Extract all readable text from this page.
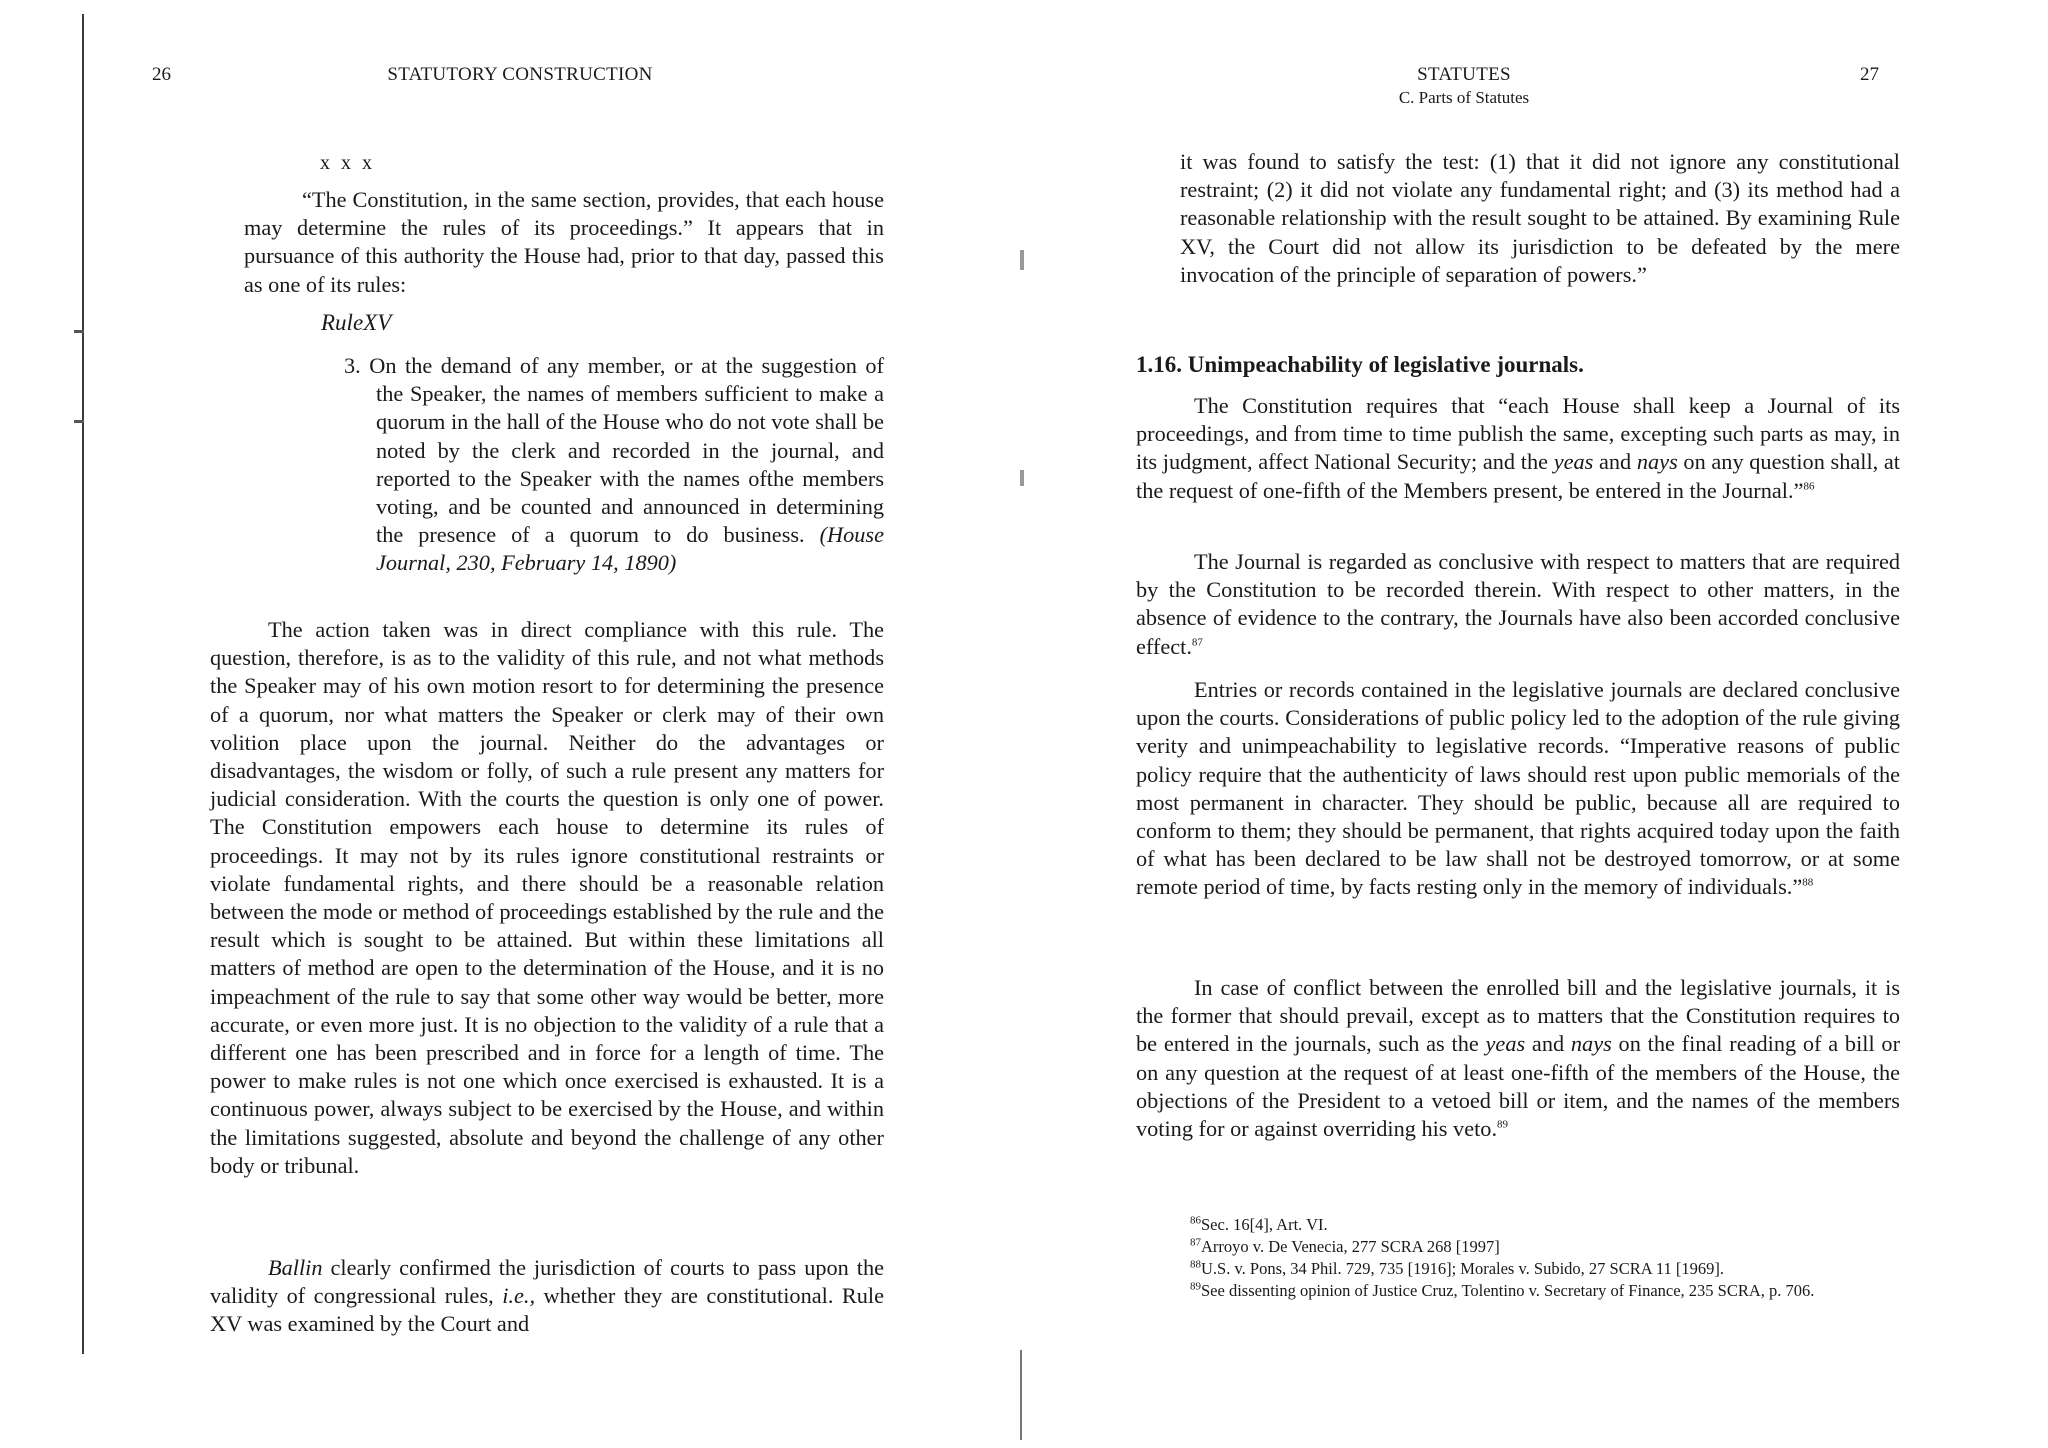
26	STATUTORY CONSTRUCTION
x x x

“The Constitution, in the same section, provides, that each house may determine the rules of its proceedings.” It appears that in pursuance of this authority the House had, prior to that day, passed this as one of its rules:

RuleXV

3. On the demand of any member, or at the suggestion of the Speaker, the names of members sufficient to make a quorum in the hall of the House who do not vote shall be noted by the clerk and recorded in the journal, and reported to the Speaker with the names ofthe members voting, and be counted and announced in determining the presence of a quorum to do business. (House Journal, 230, February 14, 1890)

The action taken was in direct compliance with this rule. The question, therefore, is as to the validity of this rule, and not what methods the Speaker may of his own motion resort to for determining the presence of a quorum, nor what matters the Speaker or clerk may of their own volition place upon the journal. Neither do the advantages or disadvantages, the wisdom or folly, of such a rule present any matters for judicial consideration. With the courts the question is only one of power. The Constitution empowers each house to determine its rules of proceedings. It may not by its rules ignore constitutional restraints or violate fundamental rights, and there should be a reasonable relation between the mode or method of proceedings established by the rule and the result which is sought to be attained. But within these limitations all matters of method are open to the determination of the House, and it is no impeachment of the rule to say that some other way would be better, more accurate, or even more just. It is no objection to the validity of a rule that a different one has been prescribed and in force for a length of time. The power to make rules is not one which once exercised is exhausted. It is a continuous power, always subject to be exercised by the House, and within the limitations suggested, absolute and beyond the challenge of any other body or tribunal.

Ballin clearly confirmed the jurisdiction of courts to pass upon the validity of congressional rules, i.e., whether they are constitutional. Rule XV was examined by the Court and

STATUTES
C. Parts of Statutes
27

it was found to satisfy the test: (1) that it did not ignore any constitutional restraint; (2) it did not violate any fundamental right; and (3) its method had a reasonable relationship with the result sought to be attained. By examining Rule XV, the Court did not allow its jurisdiction to be defeated by the mere invocation of the principle of separation of powers.”

1.16. Unimpeachability of legislative journals.

The Constitution requires that “each House shall keep a Journal of its proceedings, and from time to time publish the same, excepting such parts as may, in its judgment, affect National Security; and the yeas and nays on any question shall, at the request of one-fifth of the Members present, be entered in the Journal.”$^{86}$

The Journal is regarded as conclusive with respect to matters that are required by the Constitution to be recorded therein. With respect to other matters, in the absence of evidence to the contrary, the Journals have also been accorded conclusive effect.$^{87}$

Entries or records contained in the legislative journals are declared conclusive upon the courts. Considerations of public policy led to the adoption of the rule giving verity and unimpeachability to legislative records. “Imperative reasons of public policy require that the authenticity of laws should rest upon public memorials of the most permanent in character. They should be public, because all are required to conform to them; they should be permanent, that rights acquired today upon the faith of what has been declared to be law shall not be destroyed tomorrow, or at some remote period of time, by facts resting only in the memory of individuals.”$^{88}$

In case of conflict between the enrolled bill and the legislative journals, it is the former that should prevail, except as to matters that the Constitution requires to be entered in the journals, such as the yeas and nays on the final reading of a bill or on any question at the request of at least one-fifth of the members of the House, the objections of the President to a vetoed bill or item, and the names of the members voting for or against overriding his veto.$^{89}$

$^{86}$Sec. 16[4], Art. VI.

$^{87}$Arroyo v. De Venecia, 277 SCRA 268 [1997]

$^{88}$U.S. v. Pons, 34 Phil. 729, 735 [1916]; Morales v. Subido, 27 SCRA 11 [1969].

$^{89}$See dissenting opinion of Justice Cruz, Tolentino v. Secretary of Finance, 235 SCRA, p. 706.
